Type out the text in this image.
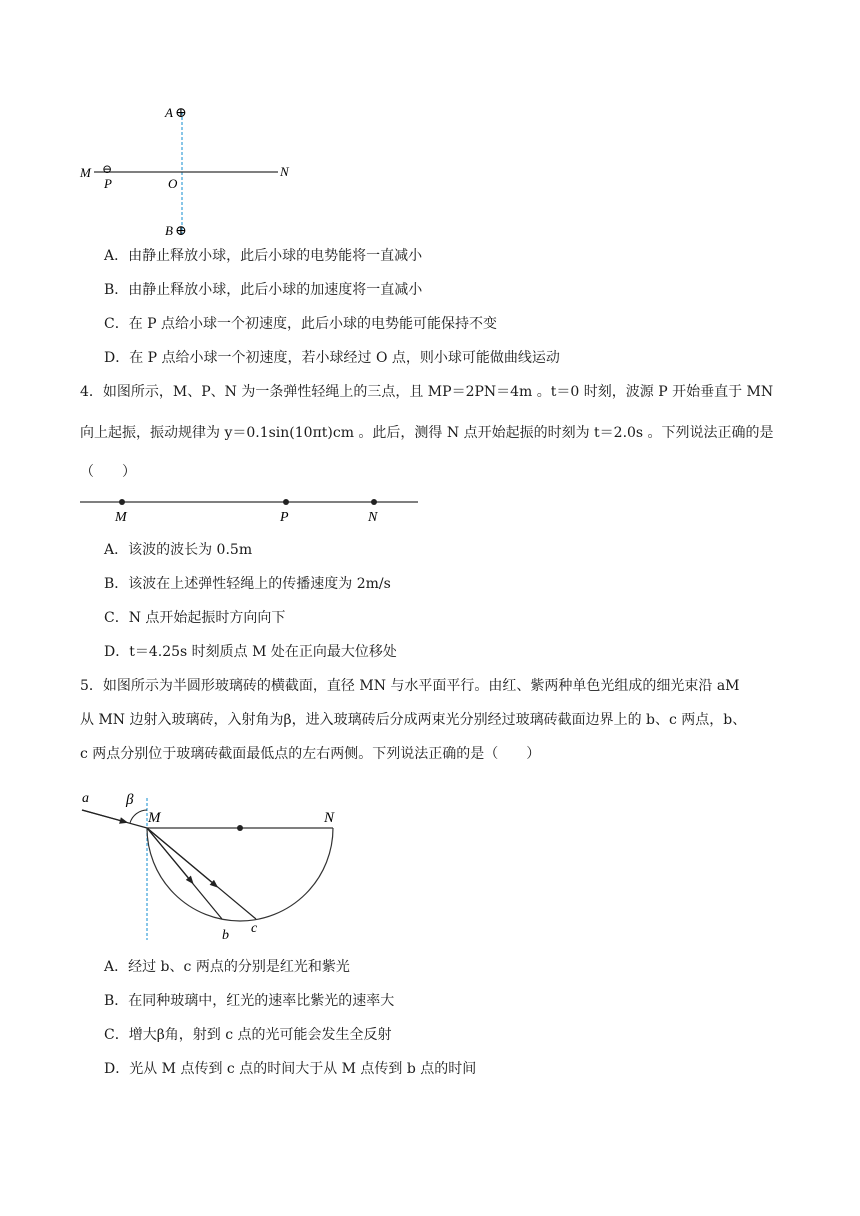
A ⊕
B ⊕
M ⊖
P	O
N
A．由静止释放小球，此后小球的电势能将一直减小
B．由静止释放小球，此后小球的加速度将一直减小
C．在 P 点给小球一个初速度，此后小球的电势能可能保持不变
D．在 P 点给小球一个初速度，若小球经过 O 点，则小球可能做曲线运动
4．如图所示，M、P、N 为一条弹性轻绳上的三点，且 MP＝2PN＝4m 。t＝0 时刻，波源 P 开始垂直于 MN
向上起振，振动规律为 y＝0.1sin(10πt)cm 。此后，测得 N 点开始起振的时刻为 t＝2.0s 。下列说法正确的是
（　　）
M	P	N
A．该波的波长为 0.5m
B．该波在上述弹性轻绳上的传播速度为 2m/s
C．N 点开始起振时方向向下
D．t＝4.25s 时刻质点 M 处在正向最大位移处
5．如图所示为半圆形玻璃砖的横截面，直径 MN 与水平面平行。由红、紫两种单色光组成的细光束沿 aM
从 MN 边射入玻璃砖，入射角为β，进入玻璃砖后分成两束光分别经过玻璃砖截面边界上的 b、c 两点，b、
c 两点分别位于玻璃砖截面最低点的左右两侧。下列说法正确的是（　　）
a β
M	N
b c
A．经过 b、c 两点的分别是红光和紫光
B．在同种玻璃中，红光的速率比紫光的速率大
C．增大β角，射到 c 点的光可能会发生全反射
D．光从 M 点传到 c 点的时间大于从 M 点传到 b 点的时间
